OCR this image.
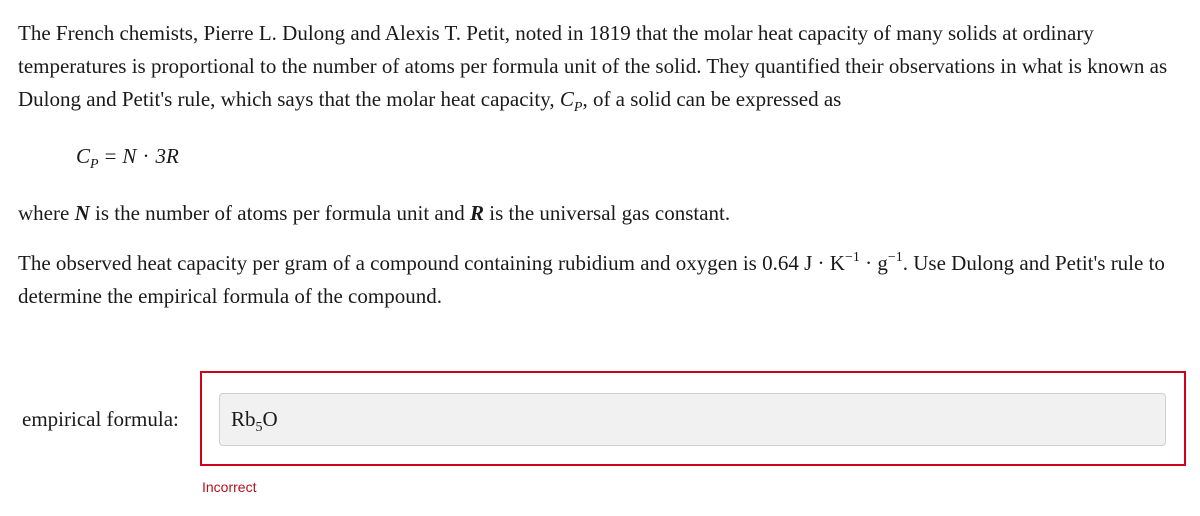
The French chemists, Pierre L. Dulong and Alexis T. Petit, noted in 1819 that the molar heat capacity of many solids at ordinary temperatures is proportional to the number of atoms per formula unit of the solid. They quantified their observations in what is known as Dulong and Petit's rule, which says that the molar heat capacity, $C_P$, of a solid can be expressed as

$C_P = N \cdot 3R$

where N is the number of atoms per formula unit and R is the universal gas constant.

The observed heat capacity per gram of a compound containing rubidium and oxygen is 0.64 $J \cdot K^{-1} \cdot g^{-1}$. Use Dulong and Petit's rule to determine the empirical formula of the compound.

empirical formula:	$Rb_5O$
Incorrect
